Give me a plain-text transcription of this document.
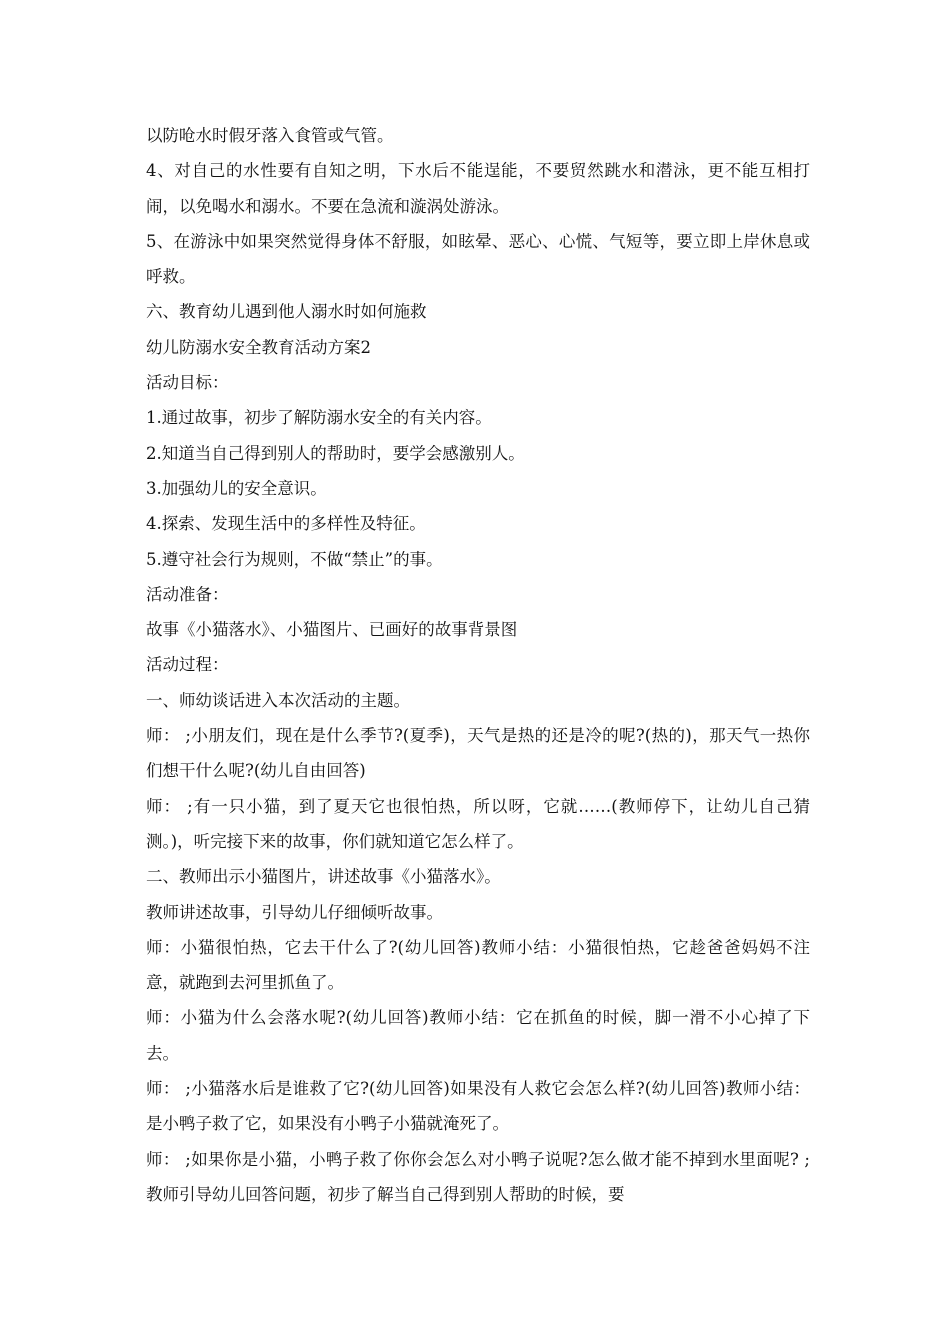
以防呛水时假牙落入食管或气管。

4、对自己的水性要有自知之明，下水后不能逞能，不要贸然跳水和潜泳，更不能互相打闹，以免喝水和溺水。不要在急流和漩涡处游泳。

5、在游泳中如果突然觉得身体不舒服，如眩晕、恶心、心慌、气短等，要立即上岸休息或呼救。

六、教育幼儿遇到他人溺水时如何施救

幼儿防溺水安全教育活动方案2

活动目标：

1.通过故事，初步了解防溺水安全的有关内容。

2.知道当自己得到别人的帮助时，要学会感激别人。

3.加强幼儿的安全意识。

4.探索、发现生活中的多样性及特征。

5.遵守社会行为规则，不做“禁止”的事。

活动准备：

故事《小猫落水》、小猫图片、已画好的故事背景图

活动过程：

一、师幼谈话进入本次活动的主题。

师： ;小朋友们，现在是什么季节?(夏季)，天气是热的还是冷的呢?(热的)，那天气一热你们想干什么呢?(幼儿自由回答)

师： ;有一只小猫，到了夏天它也很怕热，所以呀，它就……(教师停下，让幼儿自己猜测。)，听完接下来的故事，你们就知道它怎么样了。

二、教师出示小猫图片，讲述故事《小猫落水》。

教师讲述故事，引导幼儿仔细倾听故事。

师：小猫很怕热，它去干什么了?(幼儿回答)教师小结：小猫很怕热，它趁爸爸妈妈不注意，就跑到去河里抓鱼了。

师：小猫为什么会落水呢?(幼儿回答)教师小结：它在抓鱼的时候，脚一滑不小心掉了下去。

师： ;小猫落水后是谁救了它?(幼儿回答)如果没有人救它会怎么样?(幼儿回答)教师小结：是小鸭子救了它，如果没有小鸭子小猫就淹死了。

师： ;如果你是小猫，小鸭子救了你你会怎么对小鸭子说呢?怎么做才能不掉到水里面呢? ;教师引导幼儿回答问题，初步了解当自己得到别人帮助的时候，要
